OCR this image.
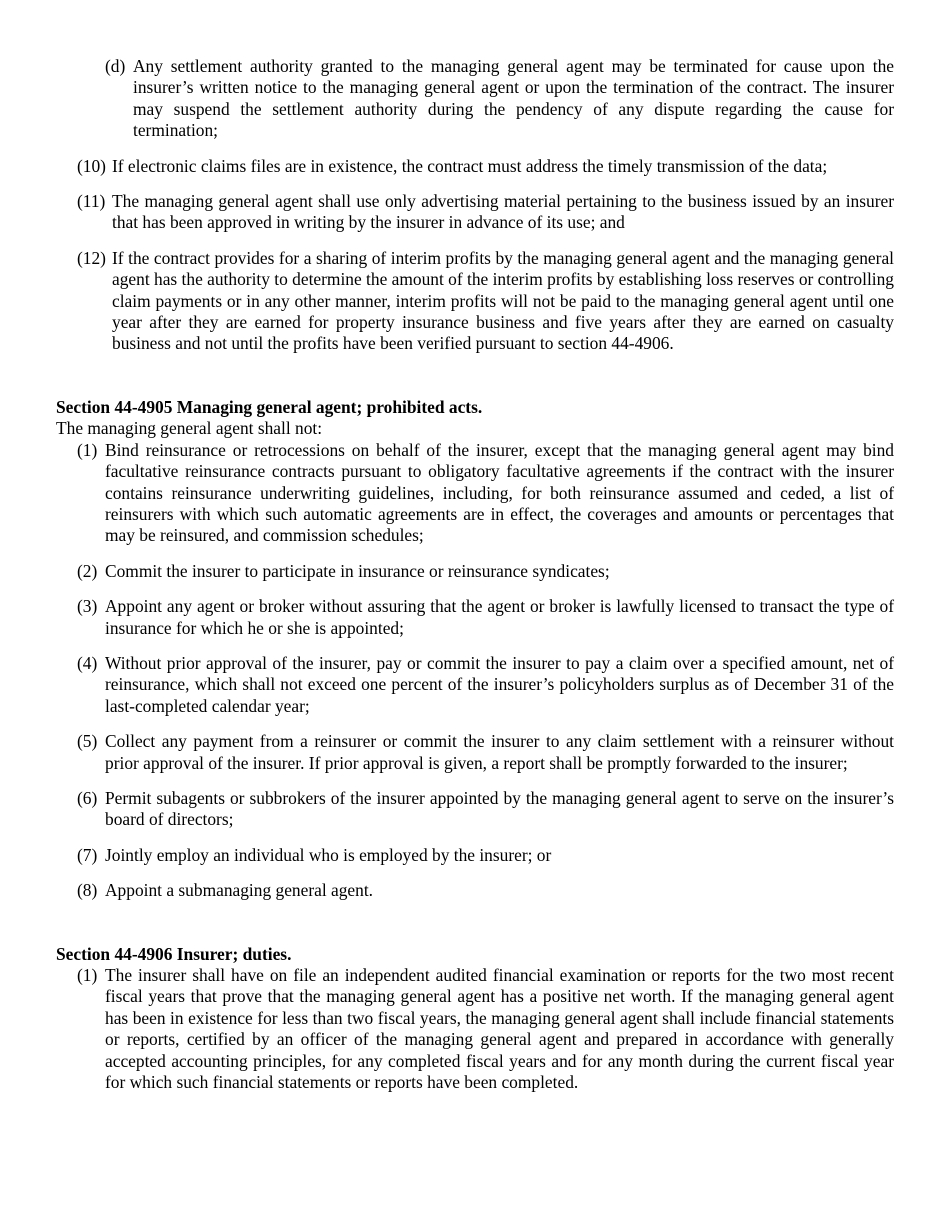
(d) Any settlement authority granted to the managing general agent may be terminated for cause upon the insurer’s written notice to the managing general agent or upon the termination of the contract. The insurer may suspend the settlement authority during the pendency of any dispute regarding the cause for termination;
(10) If electronic claims files are in existence, the contract must address the timely transmission of the data;
(11) The managing general agent shall use only advertising material pertaining to the business issued by an insurer that has been approved in writing by the insurer in advance of its use; and
(12) If the contract provides for a sharing of interim profits by the managing general agent and the managing general agent has the authority to determine the amount of the interim profits by establishing loss reserves or controlling claim payments or in any other manner, interim profits will not be paid to the managing general agent until one year after they are earned for property insurance business and five years after they are earned on casualty business and not until the profits have been verified pursuant to section 44-4906.
Section 44-4905 Managing general agent; prohibited acts.
The managing general agent shall not:
(1) Bind reinsurance or retrocessions on behalf of the insurer, except that the managing general agent may bind facultative reinsurance contracts pursuant to obligatory facultative agreements if the contract with the insurer contains reinsurance underwriting guidelines, including, for both reinsurance assumed and ceded, a list of reinsurers with which such automatic agreements are in effect, the coverages and amounts or percentages that may be reinsured, and commission schedules;
(2) Commit the insurer to participate in insurance or reinsurance syndicates;
(3) Appoint any agent or broker without assuring that the agent or broker is lawfully licensed to transact the type of insurance for which he or she is appointed;
(4) Without prior approval of the insurer, pay or commit the insurer to pay a claim over a specified amount, net of reinsurance, which shall not exceed one percent of the insurer’s policyholders surplus as of December 31 of the last-completed calendar year;
(5) Collect any payment from a reinsurer or commit the insurer to any claim settlement with a reinsurer without prior approval of the insurer. If prior approval is given, a report shall be promptly forwarded to the insurer;
(6) Permit subagents or subbrokers of the insurer appointed by the managing general agent to serve on the insurer’s board of directors;
(7) Jointly employ an individual who is employed by the insurer; or
(8) Appoint a submanaging general agent.
Section 44-4906 Insurer; duties.
(1) The insurer shall have on file an independent audited financial examination or reports for the two most recent fiscal years that prove that the managing general agent has a positive net worth. If the managing general agent has been in existence for less than two fiscal years, the managing general agent shall include financial statements or reports, certified by an officer of the managing general agent and prepared in accordance with generally accepted accounting principles, for any completed fiscal years and for any month during the current fiscal year for which such financial statements or reports have been completed.
